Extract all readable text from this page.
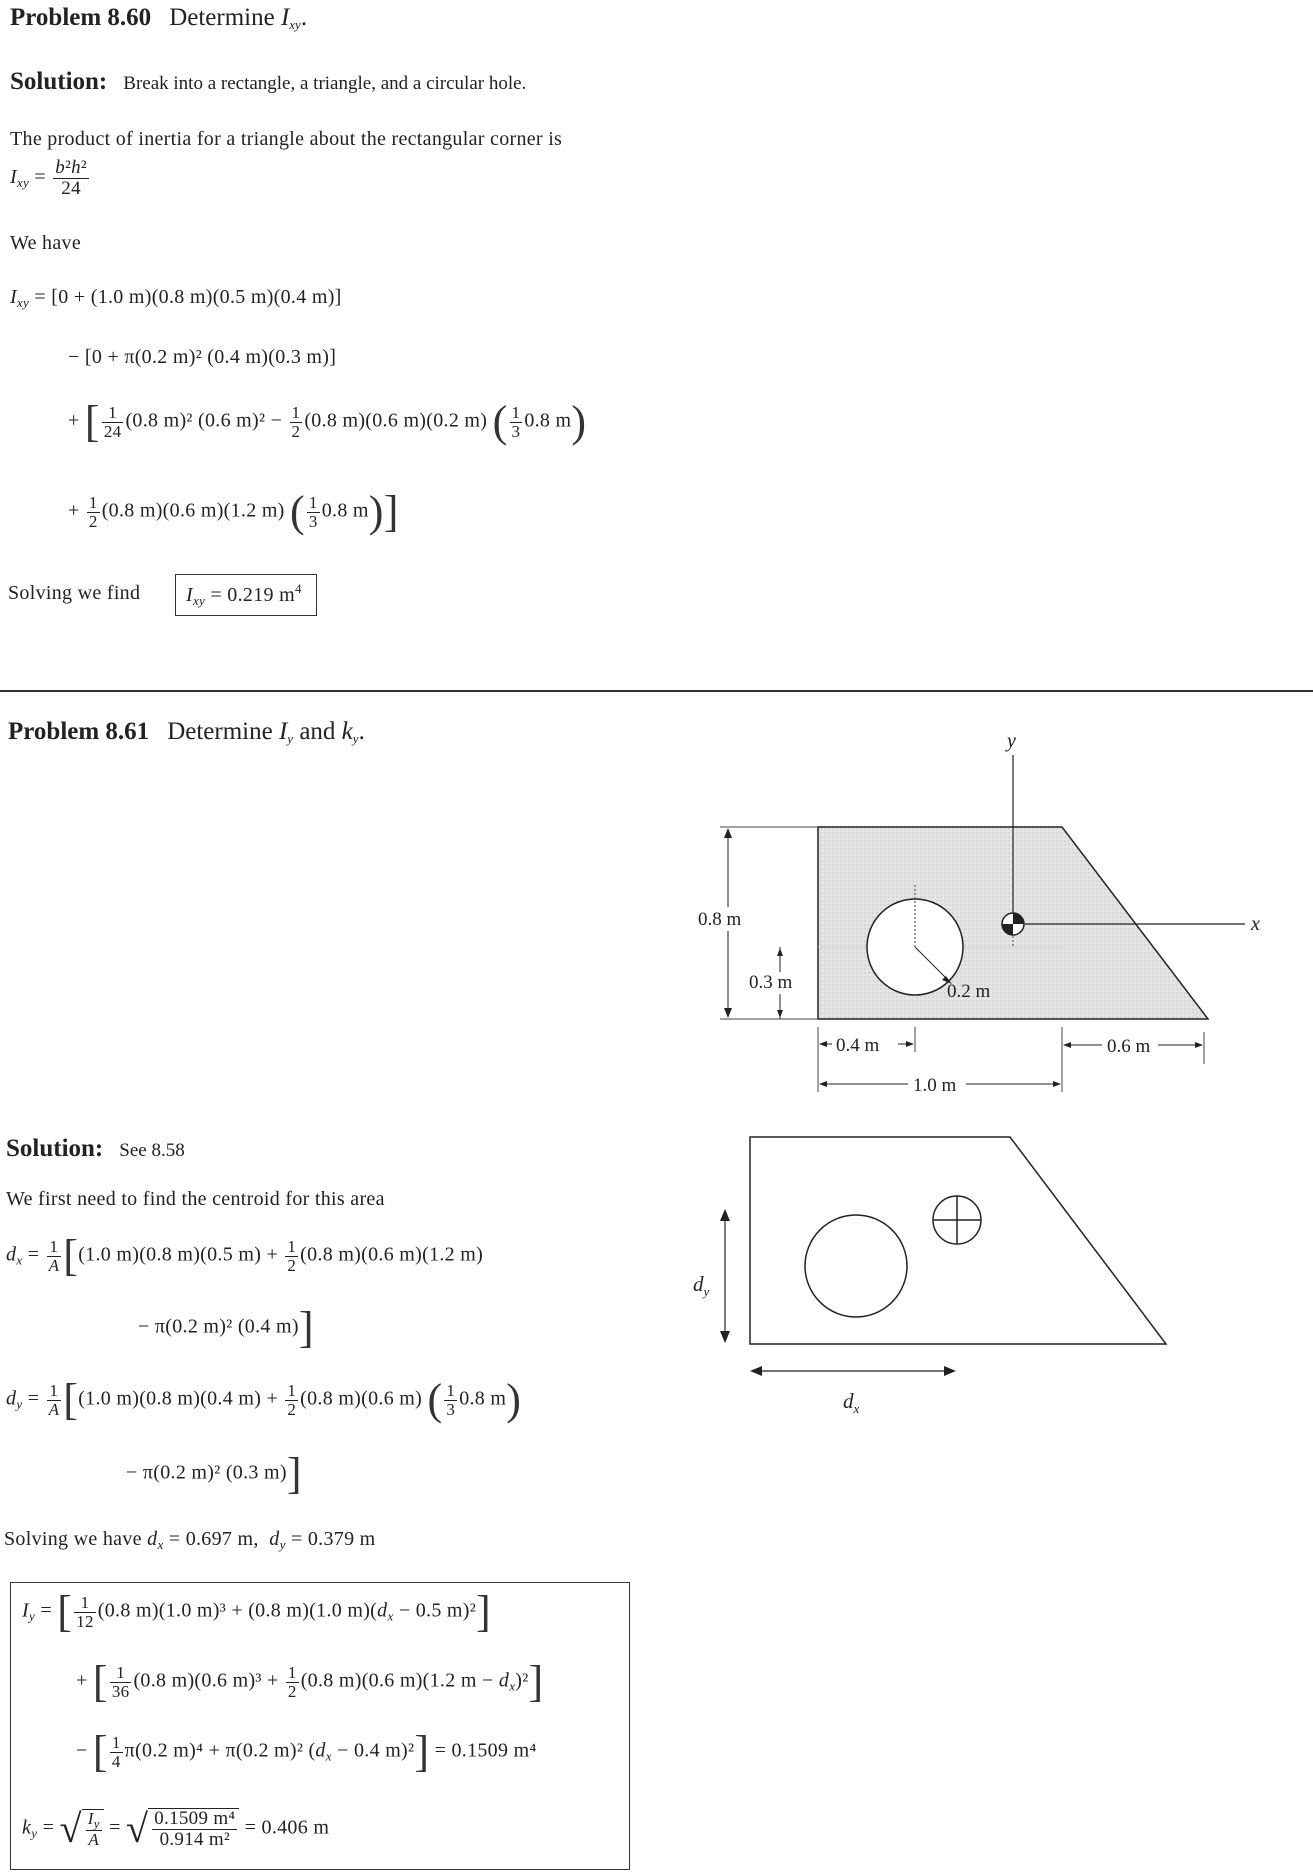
Problem 8.60 Determine $I_{xy}$.
Solution: Break into a rectangle, a triangle, and a circular hole.
The product of inertia for a triangle about the rectangular corner is
$I_{xy} = \frac{\text{b²h²}}{24}$
We have
$I_{xy} = [0 + (1.0$ m)(0.8 m)(0.5 m)(0.4 m)]
− [0 + π(0.2 m)² (0.4 m)(0.3 m)]
+ [ $\frac{1}{24} (0.8$ m)² (0.6 $m)^2 - \frac{1}{2} (0.8$ m)(0.6 m)(0.2 m) ( $\frac{1}{3} 0.8$ m)
+ $\frac{1}{2} (0.8$ m)(0.6 m)(1.2 m) ( $\frac{1}{3} 0.8$ m)]
Solving we find	$I_{xy} = 0.219$ $m^4$
Problem 8.61 Determine $I_y$ and $k_y$.	y
x
0.8 m
0.3 m	0.2 m
0.4 m
1.0 m
0.6 m
$d_y$
$d_x$
Solution: See 8.58
We first need to find the centroid for this area
$d_x = \frac{1}{A} [(1.0$ m)(0.8 m)(0.5 $m) + \frac{1}{2} (0.8$ m)(0.6 m)(1.2 m)
− π(0.2 m)² (0.4 m)]
$d_y = \frac{1}{A} [(1.0$ m)(0.8 m)(0.4 $m) + \frac{1}{2} (0.8$ m)(0.6 m) ( $\frac{1}{3} 0.8$ m)
− π(0.2 m)² (0.3 m)]
Solving we have $d_x = 0.697$ m, $d_y = 0.379$ m
$I_y$ = [ $\frac{1}{12} (0.8$ m)(1.0 m)³ + (0.8 m)(1.0 $m)(d_x - 0.5$ m)²]
+ [ $\frac{1}{36} (0.8$ m)(0.6 $m)^3 + \frac{1}{2} (0.8$ m)(0.6 m)(1.2 $m - d_x)^2$]
− [ $\frac{1}{4} \pi(0.2$ m)⁴ + π(0.2 m)² ($d_x - 0.4$ m)²] = 0.1509 m⁴
$k_y$ = √ $\frac{I_y}{A}$ = √ $\frac{\text{0.1509 m⁴}}{\text{0.914 m²}} = 0.406$ m
